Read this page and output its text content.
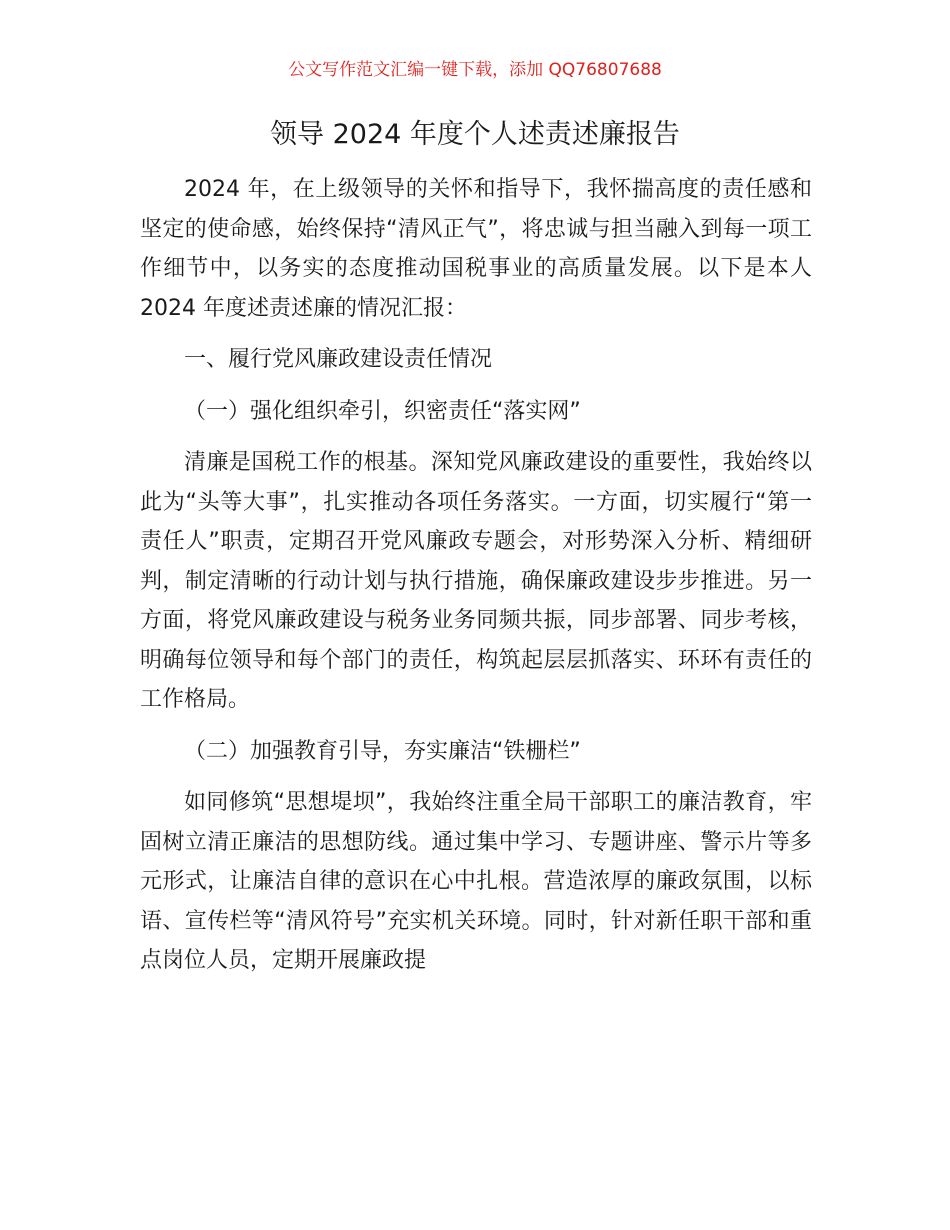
公文写作范文汇编一键下载，添加 QQ76807688
领导 2024 年度个人述责述廉报告

2024 年，在上级领导的关怀和指导下，我怀揣高度的责任感和坚定的使命感，始终保持“清风正气”，将忠诚与担当融入到每一项工作细节中，以务实的态度推动国税事业的高质量发展。以下是本人 2024 年度述责述廉的情况汇报：

一、履行党风廉政建设责任情况

（一）强化组织牵引，织密责任“落实网”

清廉是国税工作的根基。深知党风廉政建设的重要性，我始终以此为“头等大事”，扎实推动各项任务落实。一方面，切实履行“第一责任人”职责，定期召开党风廉政专题会，对形势深入分析、精细研判，制定清晰的行动计划与执行措施，确保廉政建设步步推进。另一方面，将党风廉政建设与税务业务同频共振，同步部署、同步考核，明确每位领导和每个部门的责任，构筑起层层抓落实、环环有责任的工作格局。

（二）加强教育引导，夯实廉洁“铁栅栏”

如同修筑“思想堤坝”，我始终注重全局干部职工的廉洁教育，牢固树立清正廉洁的思想防线。通过集中学习、专题讲座、警示片等多元形式，让廉洁自律的意识在心中扎根。营造浓厚的廉政氛围，以标语、宣传栏等“清风符号”充实机关环境。同时，针对新任职干部和重点岗位人员，定期开展廉政提
